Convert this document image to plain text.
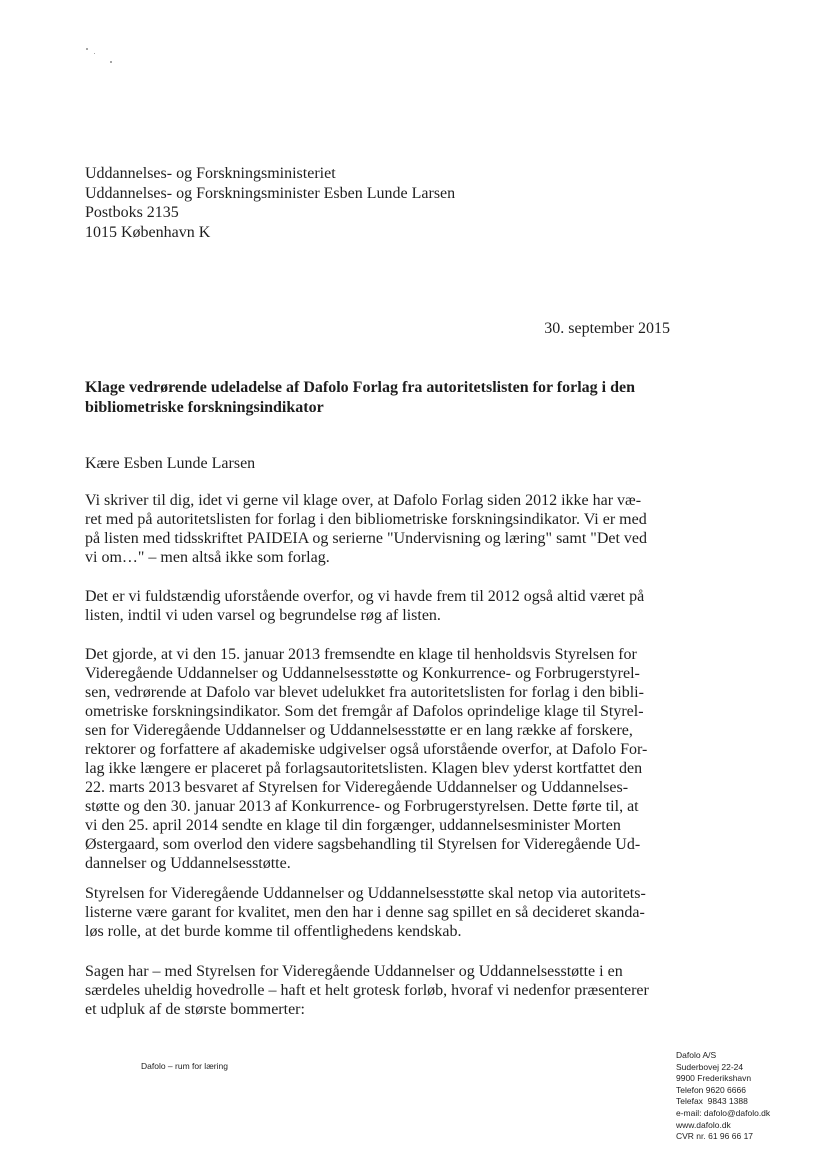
Uddannelses- og Forskningsministeriet
Uddannelses- og Forskningsminister Esben Lunde Larsen
Postboks 2135
1015 København K
30. september 2015
Klage vedrørende udeladelse af Dafolo Forlag fra autoritetslisten for forlag i den
bibliometriske forskningsindikator
Kære Esben Lunde Larsen

Vi skriver til dig, idet vi gerne vil klage over, at Dafolo Forlag siden 2012 ikke har væ-
ret med på autoritetslisten for forlag i den bibliometriske forskningsindikator. Vi er med
på listen med tidsskriftet PAIDEIA og serierne "Undervisning og læring" samt "Det ved
vi om…" – men altså ikke som forlag.

Det er vi fuldstændig uforstående overfor, og vi havde frem til 2012 også altid været på
listen, indtil vi uden varsel og begrundelse røg af listen.

Det gjorde, at vi den 15. januar 2013 fremsendte en klage til henholdsvis Styrelsen for
Videregående Uddannelser og Uddannelsesstøtte og Konkurrence- og Forbrugerstyrel-
sen, vedrørende at Dafolo var blevet udelukket fra autoritetslisten for forlag i den bibli-
ometriske forskningsindikator. Som det fremgår af Dafolos oprindelige klage til Styrel-
sen for Videregående Uddannelser og Uddannelsesstøtte er en lang række af forskere,
rektorer og forfattere af akademiske udgivelser også uforstående overfor, at Dafolo For-
lag ikke længere er placeret på forlagsautoritetslisten. Klagen blev yderst kortfattet den
22. marts 2013 besvaret af Styrelsen for Videregående Uddannelser og Uddannelses-
støtte og den 30. januar 2013 af Konkurrence- og Forbrugerstyrelsen. Dette førte til, at
vi den 25. april 2014 sendte en klage til din forgænger, uddannelsesminister Morten
Østergaard, som overlod den videre sagsbehandling til Styrelsen for Videregående Ud-
dannelser og Uddannelsesstøtte.

Styrelsen for Videregående Uddannelser og Uddannelsesstøtte skal netop via autoritets-
listerne være garant for kvalitet, men den har i denne sag spillet en så decideret skanda-
løs rolle, at det burde komme til offentlighedens kendskab.

Sagen har – med Styrelsen for Videregående Uddannelser og Uddannelsesstøtte i en
særdeles uheldig hovedrolle – haft et helt grotesk forløb, hvoraf vi nedenfor præsenterer
et udpluk af de største bommerter:

Dafolo – rum for læring
Dafolo A/S
Suderbovej 22-24
9900 Frederikshavn
Telefon 9620 6666
Telefax  9843 1388
e-mail: dafolo@dafolo.dk
www.dafolo.dk
CVR nr. 61 96 66 17
